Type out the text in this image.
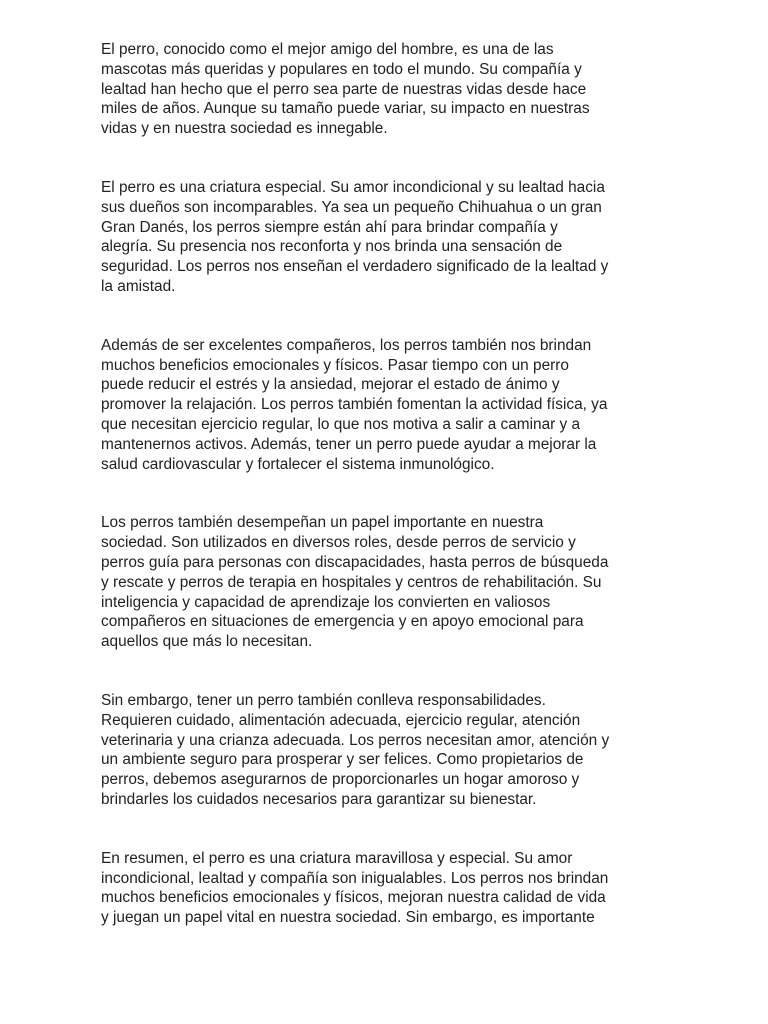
El perro, conocido como el mejor amigo del hombre, es una de las
mascotas más queridas y populares en todo el mundo. Su compañía y
lealtad han hecho que el perro sea parte de nuestras vidas desde hace
miles de años. Aunque su tamaño puede variar, su impacto en nuestras
vidas y en nuestra sociedad es innegable.

El perro es una criatura especial. Su amor incondicional y su lealtad hacia
sus dueños son incomparables. Ya sea un pequeño Chihuahua o un gran
Gran Danés, los perros siempre están ahí para brindar compañía y
alegría. Su presencia nos reconforta y nos brinda una sensación de
seguridad. Los perros nos enseñan el verdadero significado de la lealtad y
la amistad.

Además de ser excelentes compañeros, los perros también nos brindan
muchos beneficios emocionales y físicos. Pasar tiempo con un perro
puede reducir el estrés y la ansiedad, mejorar el estado de ánimo y
promover la relajación. Los perros también fomentan la actividad física, ya
que necesitan ejercicio regular, lo que nos motiva a salir a caminar y a
mantenernos activos. Además, tener un perro puede ayudar a mejorar la
salud cardiovascular y fortalecer el sistema inmunológico.

Los perros también desempeñan un papel importante en nuestra
sociedad. Son utilizados en diversos roles, desde perros de servicio y
perros guía para personas con discapacidades, hasta perros de búsqueda
y rescate y perros de terapia en hospitales y centros de rehabilitación. Su
inteligencia y capacidad de aprendizaje los convierten en valiosos
compañeros en situaciones de emergencia y en apoyo emocional para
aquellos que más lo necesitan.

Sin embargo, tener un perro también conlleva responsabilidades.
Requieren cuidado, alimentación adecuada, ejercicio regular, atención
veterinaria y una crianza adecuada. Los perros necesitan amor, atención y
un ambiente seguro para prosperar y ser felices. Como propietarios de
perros, debemos asegurarnos de proporcionarles un hogar amoroso y
brindarles los cuidados necesarios para garantizar su bienestar.

En resumen, el perro es una criatura maravillosa y especial. Su amor
incondicional, lealtad y compañía son inigualables. Los perros nos brindan
muchos beneficios emocionales y físicos, mejoran nuestra calidad de vida
y juegan un papel vital en nuestra sociedad. Sin embargo, es importante
